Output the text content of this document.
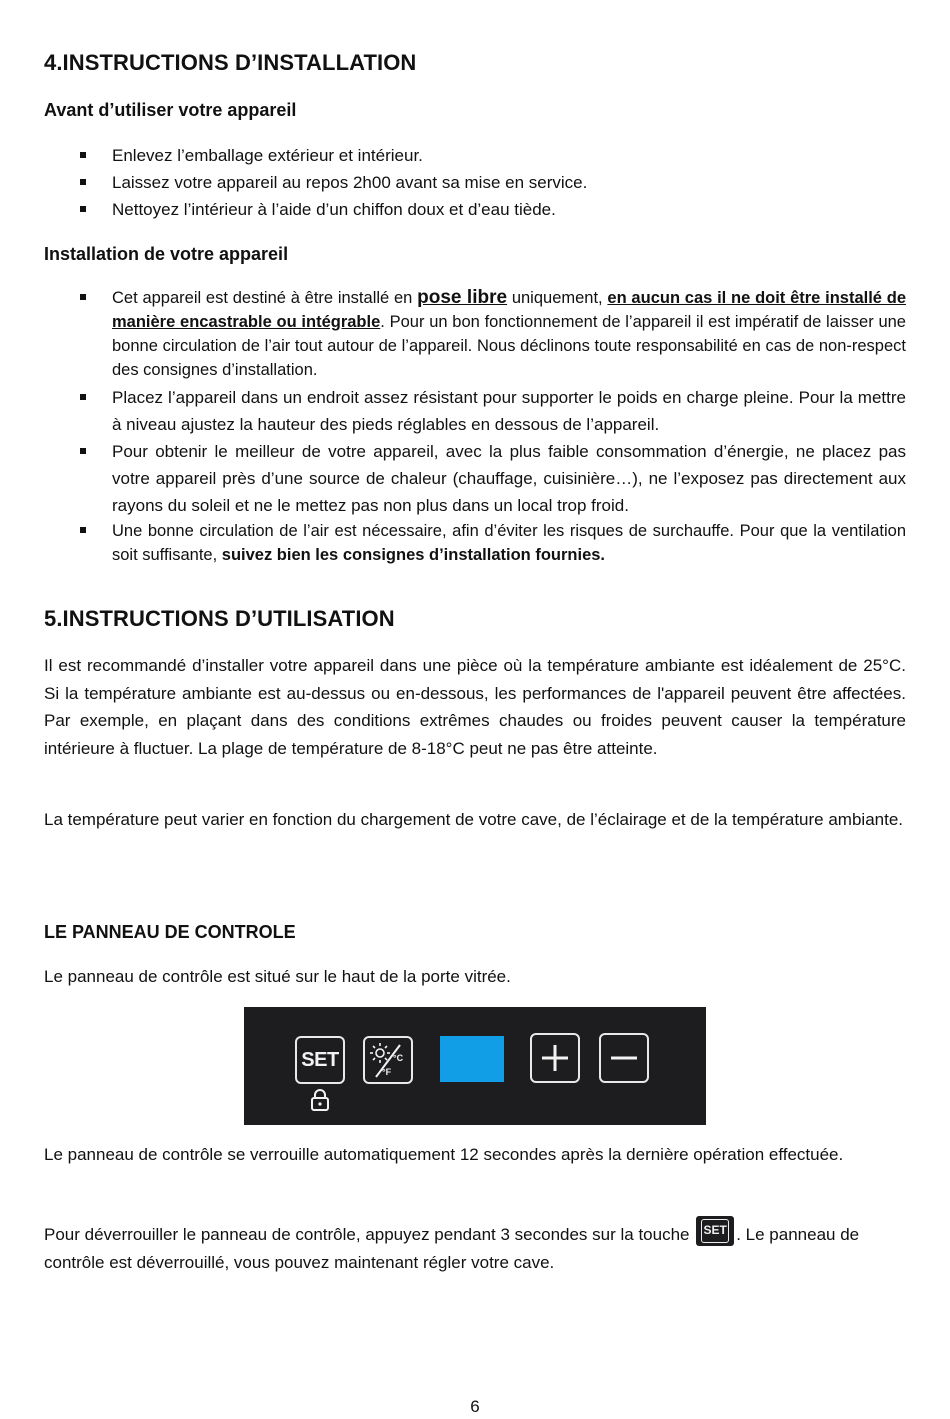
4.INSTRUCTIONS D’INSTALLATION
Avant d’utiliser votre appareil
Enlevez l’emballage extérieur et intérieur.
Laissez votre appareil au repos 2h00 avant sa mise en service.
Nettoyez l’intérieur à l’aide d’un chiffon doux et d’eau tiède.
Installation de votre appareil
Cet appareil est destiné à être installé en pose libre uniquement, en aucun cas il ne doit être installé de manière encastrable ou intégrable. Pour un bon fonctionnement de l’appareil il est impératif de laisser une bonne circulation de l’air tout autour de l’appareil. Nous déclinons toute responsabilité en cas de non-respect des consignes d’installation.
Placez l’appareil dans un endroit assez résistant pour supporter le poids en charge pleine. Pour la mettre à niveau ajustez la hauteur des pieds réglables en dessous de l’appareil.
Pour obtenir le meilleur de votre appareil, avec la plus faible consommation d’énergie, ne placez pas votre appareil près d’une source de chaleur (chauffage, cuisinière…), ne l’exposez pas directement aux rayons du soleil et ne le mettez pas non plus dans un local trop froid.
Une bonne circulation de l’air est nécessaire, afin d’éviter les risques de surchauffe. Pour que la ventilation soit suffisante, suivez bien les consignes d’installation fournies.
5.INSTRUCTIONS D’UTILISATION

Il est recommandé d’installer votre appareil dans une pièce où la température ambiante est idéalement de 25°C. Si la température ambiante est au-dessus ou en-dessous, les performances de l'appareil peuvent être affectées. Par exemple, en plaçant dans des conditions extrêmes chaudes ou froides peuvent causer la température intérieure à fluctuer. La plage de température de 8-18°C peut ne pas être atteinte.

La température peut varier en fonction du chargement de votre cave, de l’éclairage et de la température ambiante.

LE PANNEAU DE CONTROLE

Le panneau de contrôle est situé sur le haut de la porte vitrée.

SET	°C
°F

Le panneau de contrôle se verrouille automatiquement 12 secondes après la dernière opération effectuée.

Pour déverrouiller le panneau de contrôle, appuyez pendant 3 secondes sur la touche SET . Le panneau de contrôle est déverrouillé, vous pouvez maintenant régler votre cave.

6
